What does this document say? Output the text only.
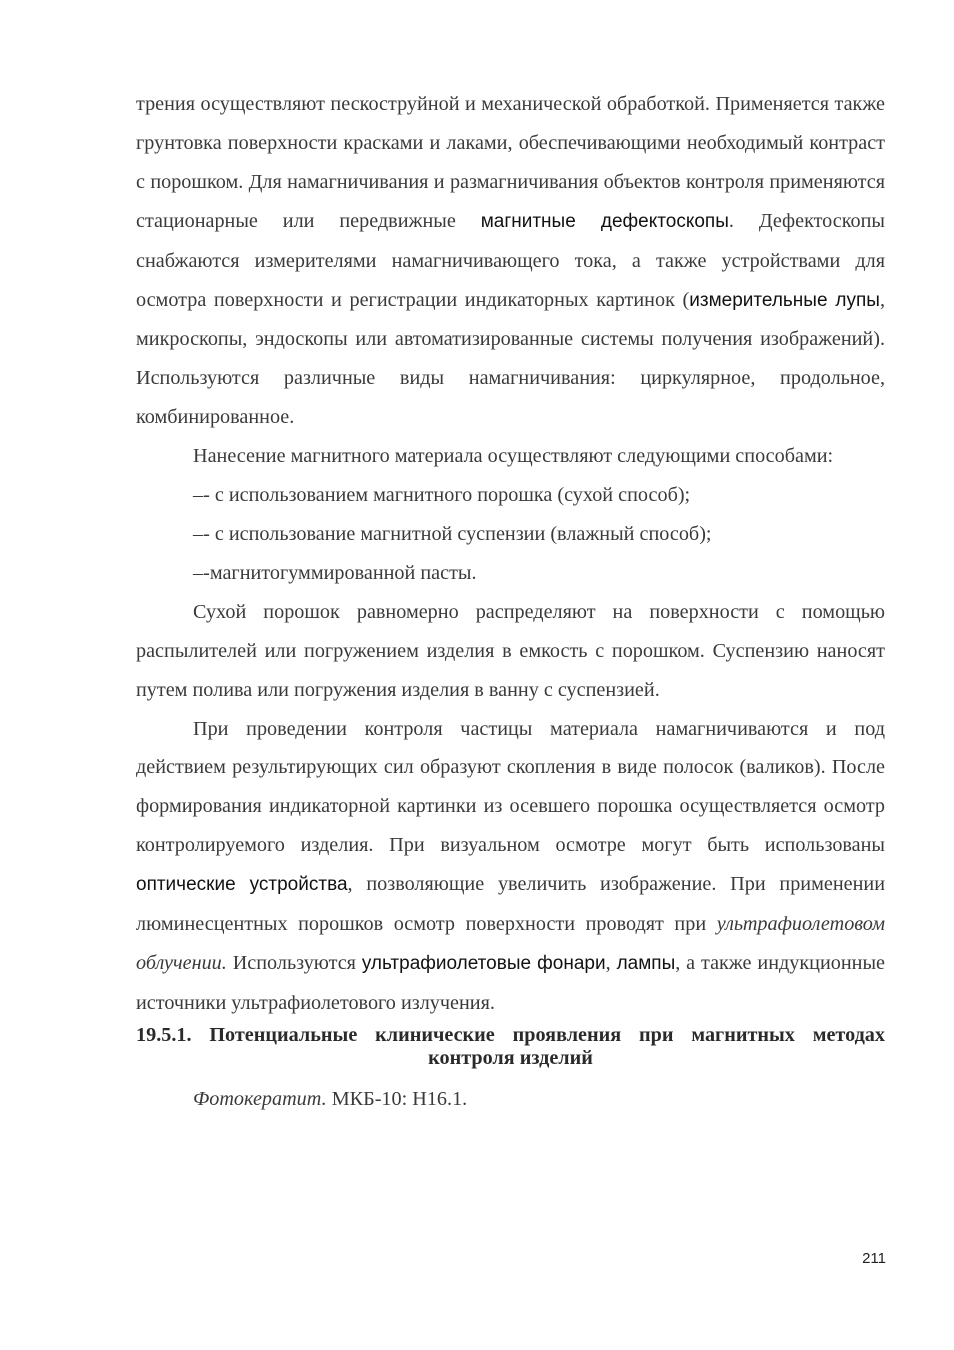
трения осуществляют пескоструйной и механической обработкой. Применяется также грунтовка поверхности красками и лаками, обеспечивающими необходимый контраст с порошком. Для намагничивания и размагничивания объектов контроля применяются стационарные или передвижные магнитные дефектоскопы. Дефектоскопы снабжаются измерителями намагничивающего тока, а также устройствами для осмотра поверхности и регистрации индикаторных картинок (измерительные лупы, микроскопы, эндоскопы или автоматизированные системы получения изображений). Используются различные виды намагничивания: циркулярное, продольное, комбинированное.

Нанесение магнитного материала осуществляют следующими способами:

–- с использованием магнитного порошка (сухой способ);

–- с использование магнитной суспензии (влажный способ);

–-магнитогуммированной пасты.

Сухой порошок равномерно распределяют на поверхности с помощью распылителей или погружением изделия в емкость с порошком. Суспензию наносят путем полива или погружения изделия в ванну с суспензией.

При проведении контроля частицы материала намагничиваются и под действием результирующих сил образуют скопления в виде полосок (валиков). После формирования индикаторной картинки из осевшего порошка осуществляется осмотр контролируемого изделия. При визуальном осмотре могут быть использованы оптические устройства, позволяющие увеличить изображение. При применении люминесцентных порошков осмотр поверхности проводят при ультрафиолетовом облучении. Используются ультрафиолетовые фонари, лампы, а также индукционные источники ультрафиолетового излучения.

19.5.1. Потенциальные клинические проявления при магнитных методах
контроля изделий

Фотокератит. МКБ-10: H16.1.

211
